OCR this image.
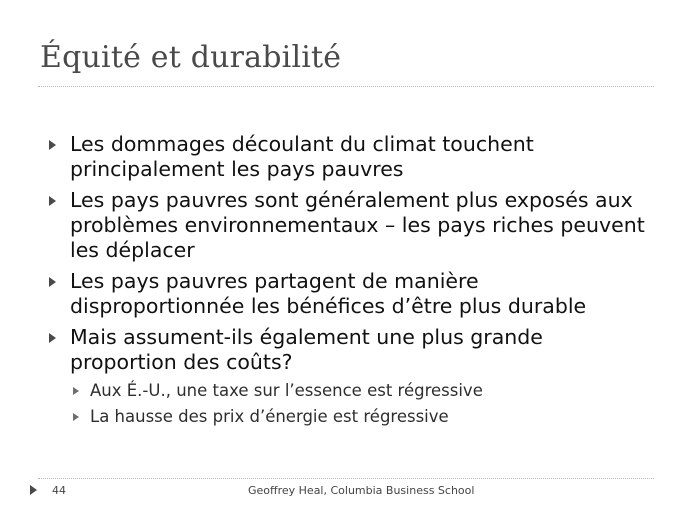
Équité et durabilité
Les dommages découlant du climat touchent principalement les pays pauvres
Les pays pauvres sont généralement plus exposés aux problèmes environnementaux – les pays riches peuvent les déplacer
Les pays pauvres partagent de manière disproportionnée les bénéfices d’être plus durable
Mais assument-ils également une plus grande proportion des coûts?
Aux É.-U., une taxe sur l’essence est régressive
La hausse des prix d’énergie est régressive
44	Geoffrey Heal, Columbia Business School
